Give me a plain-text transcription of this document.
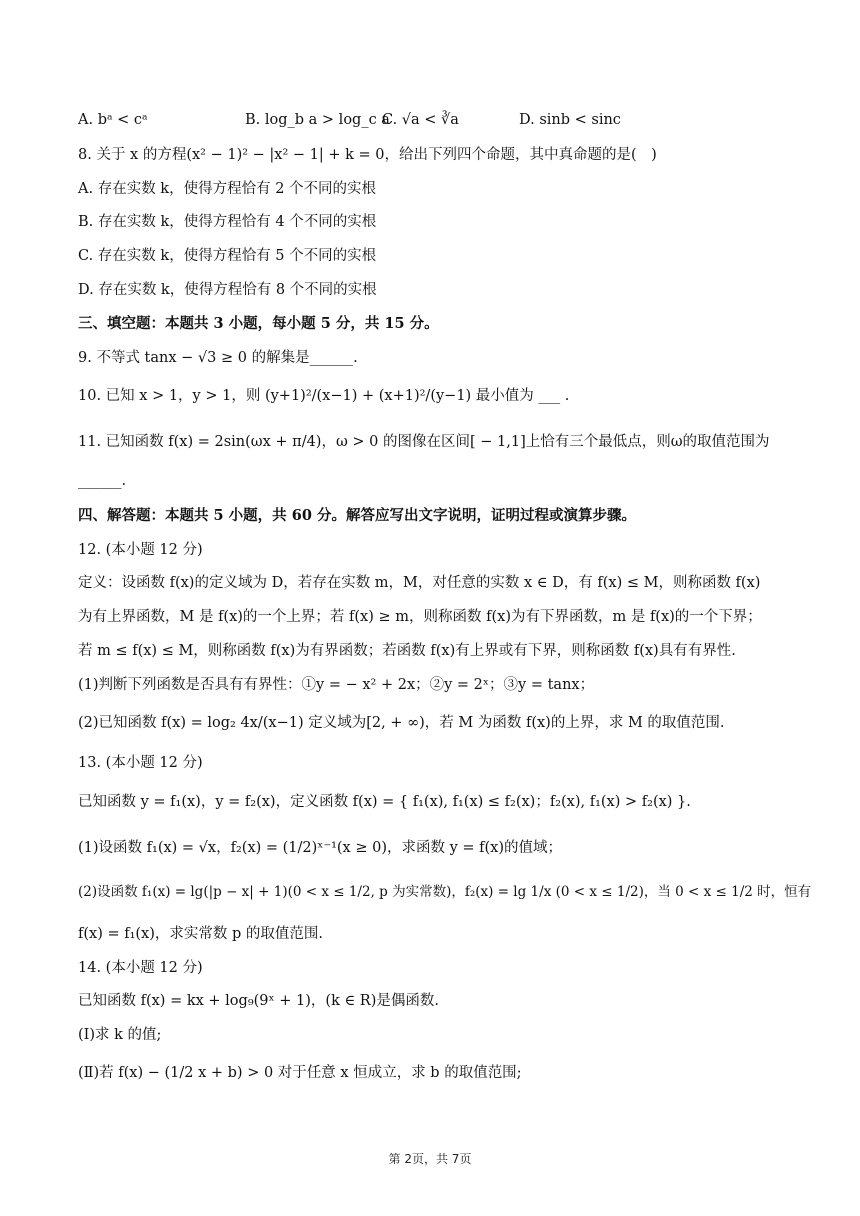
A. bᵃ < cᵃ	B. log_b a > log_c a
C. √a < ∛a	D. sinb < sinc
8. 关于 x 的方程(x² − 1)² − |x² − 1| + k = 0，给出下列四个命题，其中真命题的是(　)
A. 存在实数 k，使得方程恰有 2 个不同的实根
B. 存在实数 k，使得方程恰有 4 个不同的实根
C. 存在实数 k，使得方程恰有 5 个不同的实根
D. 存在实数 k，使得方程恰有 8 个不同的实根
三、填空题：本题共 3 小题，每小题 5 分，共 15 分。
9. 不等式 tanx − √3 ≥ 0 的解集是______.
10. 已知 x > 1，y > 1，则 (y+1)²/(x−1) + (x+1)²/(y−1) 最小值为 ___ .
11. 已知函数 f(x) = 2sin(ωx + π/4)，ω > 0 的图像在区间[ − 1,1]上恰有三个最低点，则ω的取值范围为
______.
四、解答题：本题共 5 小题，共 60 分。解答应写出文字说明，证明过程或演算步骤。
12. (本小题 12 分)
定义：设函数 f(x)的定义域为 D，若存在实数 m，M，对任意的实数 x ∈ D，有 f(x) ≤ M，则称函数 f(x)
为有上界函数，M 是 f(x)的一个上界；若 f(x) ≥ m，则称函数 f(x)为有下界函数，m 是 f(x)的一个下界；
若 m ≤ f(x) ≤ M，则称函数 f(x)为有界函数；若函数 f(x)有上界或有下界，则称函数 f(x)具有有界性.
(1)判断下列函数是否具有有界性：①y = − x² + 2x；②y = 2ˣ；③y = tanx；
(2)已知函数 f(x) = log₂ 4x/(x−1) 定义域为[2, + ∞)，若 M 为函数 f(x)的上界，求 M 的取值范围.
13. (本小题 12 分)
已知函数 y = f₁(x)，y = f₂(x)，定义函数 f(x) = { f₁(x), f₁(x) ≤ f₂(x)；f₂(x), f₁(x) > f₂(x) }.
(1)设函数 f₁(x) = √x，f₂(x) = (1/2)ˣ⁻¹(x ≥ 0)，求函数 y = f(x)的值域；
(2)设函数 f₁(x) = lg(|p − x| + 1)(0 < x ≤ 1/2, p 为实常数)，f₂(x) = lg 1/x (0 < x ≤ 1/2)，当 0 < x ≤ 1/2 时，恒有
f(x) = f₁(x)，求实常数 p 的取值范围.
14. (本小题 12 分)
已知函数 f(x) = kx + log₉(9ˣ + 1)，(k ∈ R)是偶函数.
(Ⅰ)求 k 的值;
(Ⅱ)若 f(x) − (1/2 x + b) > 0 对于任意 x 恒成立，求 b 的取值范围;
第 2页，共 7页
